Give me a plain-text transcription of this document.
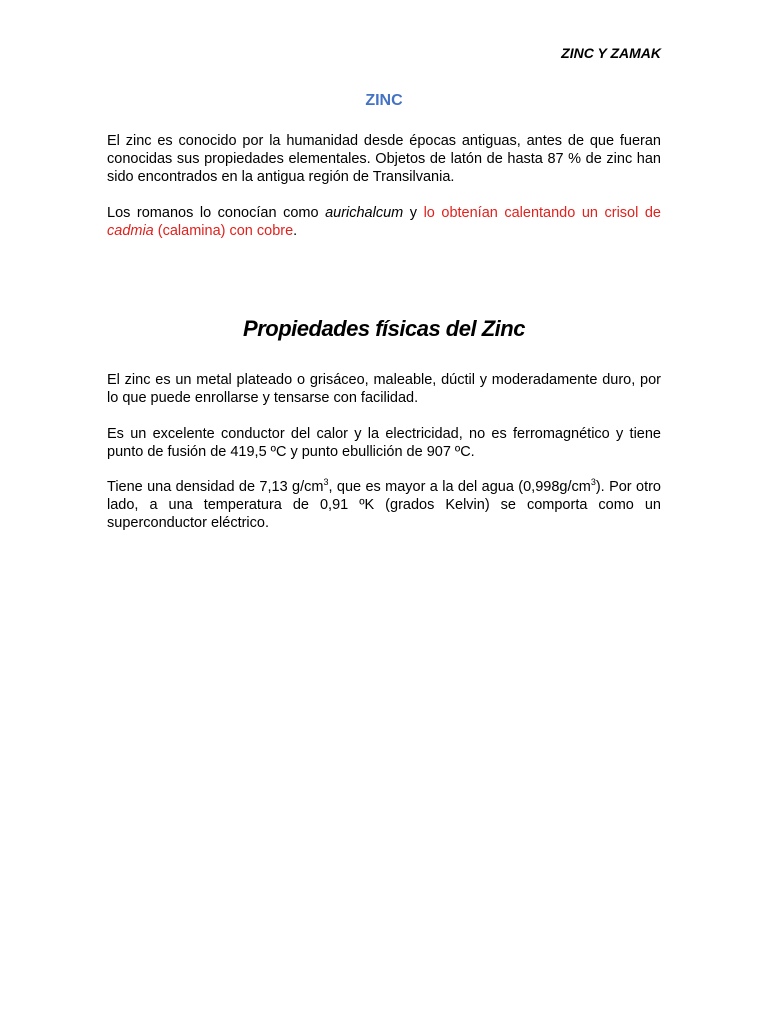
ZINC Y ZAMAK
ZINC

El zinc es conocido por la humanidad desde épocas antiguas, antes de que fueran conocidas sus propiedades elementales. Objetos de latón de hasta 87 % de zinc han sido encontrados en la antigua región de Transilvania.

Los romanos lo conocían como aurichalcum y lo obtenían calentando un crisol de cadmia (calamina) con cobre.

Propiedades físicas del Zinc

El zinc es un metal plateado o grisáceo, maleable, dúctil y moderadamente duro, por lo que puede enrollarse y tensarse con facilidad.

Es un excelente conductor del calor y la electricidad, no es ferromagnético y tiene punto de fusión de 419,5 ºC y punto ebullición de 907 ºC.

Tiene una densidad de 7,13 $g/cm^3$, que es mayor a la del agua $(0,998g/cm^3)$. Por otro lado, a una temperatura de 0,91 ºK (grados Kelvin) se comporta como un superconductor eléctrico.
